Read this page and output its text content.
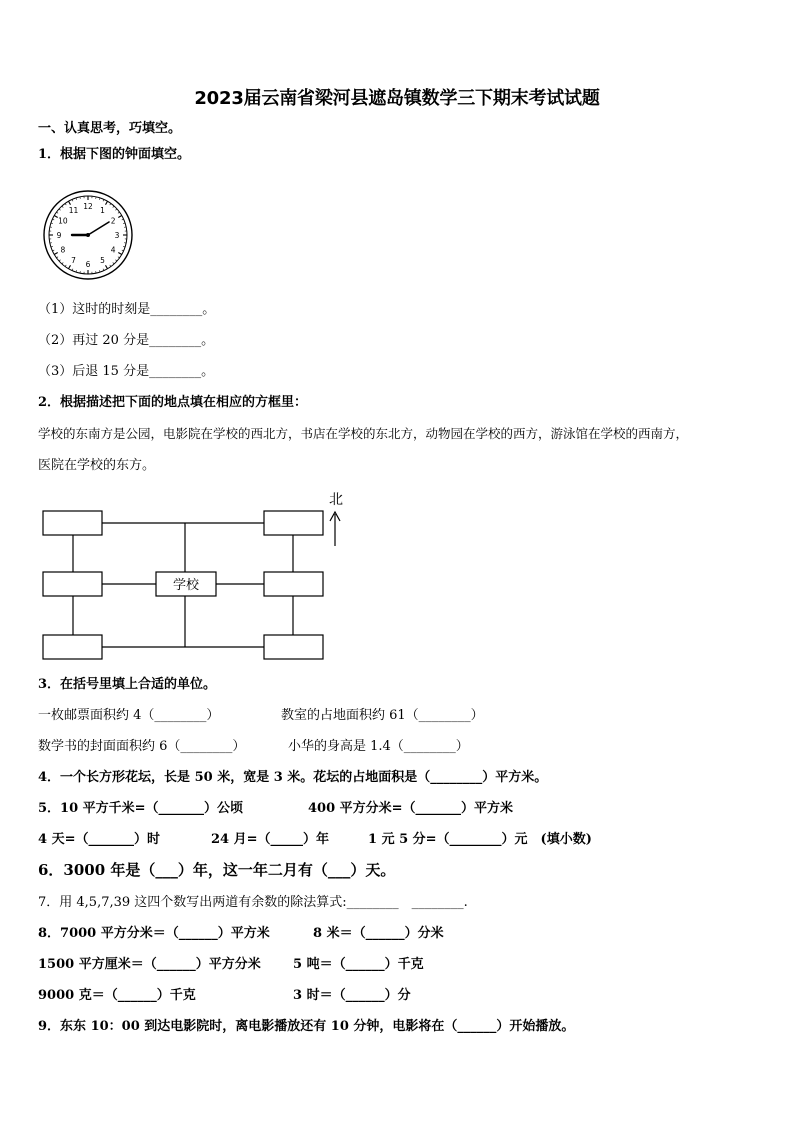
2023届云南省梁河县遮岛镇数学三下期末考试试题
一、认真思考，巧填空。
1．根据下图的钟面填空。
12 1
2
3
4
5
6
7
8
9
10
11
（1）这时的时刻是________。
（2）再过 20 分是________。
（3）后退 15 分是________。
2．根据描述把下面的地点填在相应的方框里：
学校的东南方是公园，电影院在学校的西北方，书店在学校的东北方，动物园在学校的西方，游泳馆在学校的西南方，
医院在学校的东方。
学校
北
3．在括号里填上合适的单位。
一枚邮票面积约 4（________）	教室的占地面积约 61（________）
数学书的封面面积约 6（________）	小华的身高是 1.4（________）
4．一个长方形花坛，长是 50 米，宽是 3 米。花坛的占地面积是（________）平方米。
5．10 平方千米=（_______）公顷	400 平方分米=（_______）平方米
4 天=（_______）时	24 月=（_____）年	1 元 5 分=（________）元　(填小数)
6．3000 年是（___）年，这一年二月有（___）天。
7．用 4,5,7,39 这四个数写出两道有余数的除法算式:________　________.
8．7000 平方分米＝（______）平方米	8 米＝（______）分米
1500 平方厘米＝（______）平方分米 5 吨＝（______）千克
9000 克＝（______）千克	3 时＝（______）分
9．东东 10：00 到达电影院时，离电影播放还有 10 分钟，电影将在（______）开始播放。
